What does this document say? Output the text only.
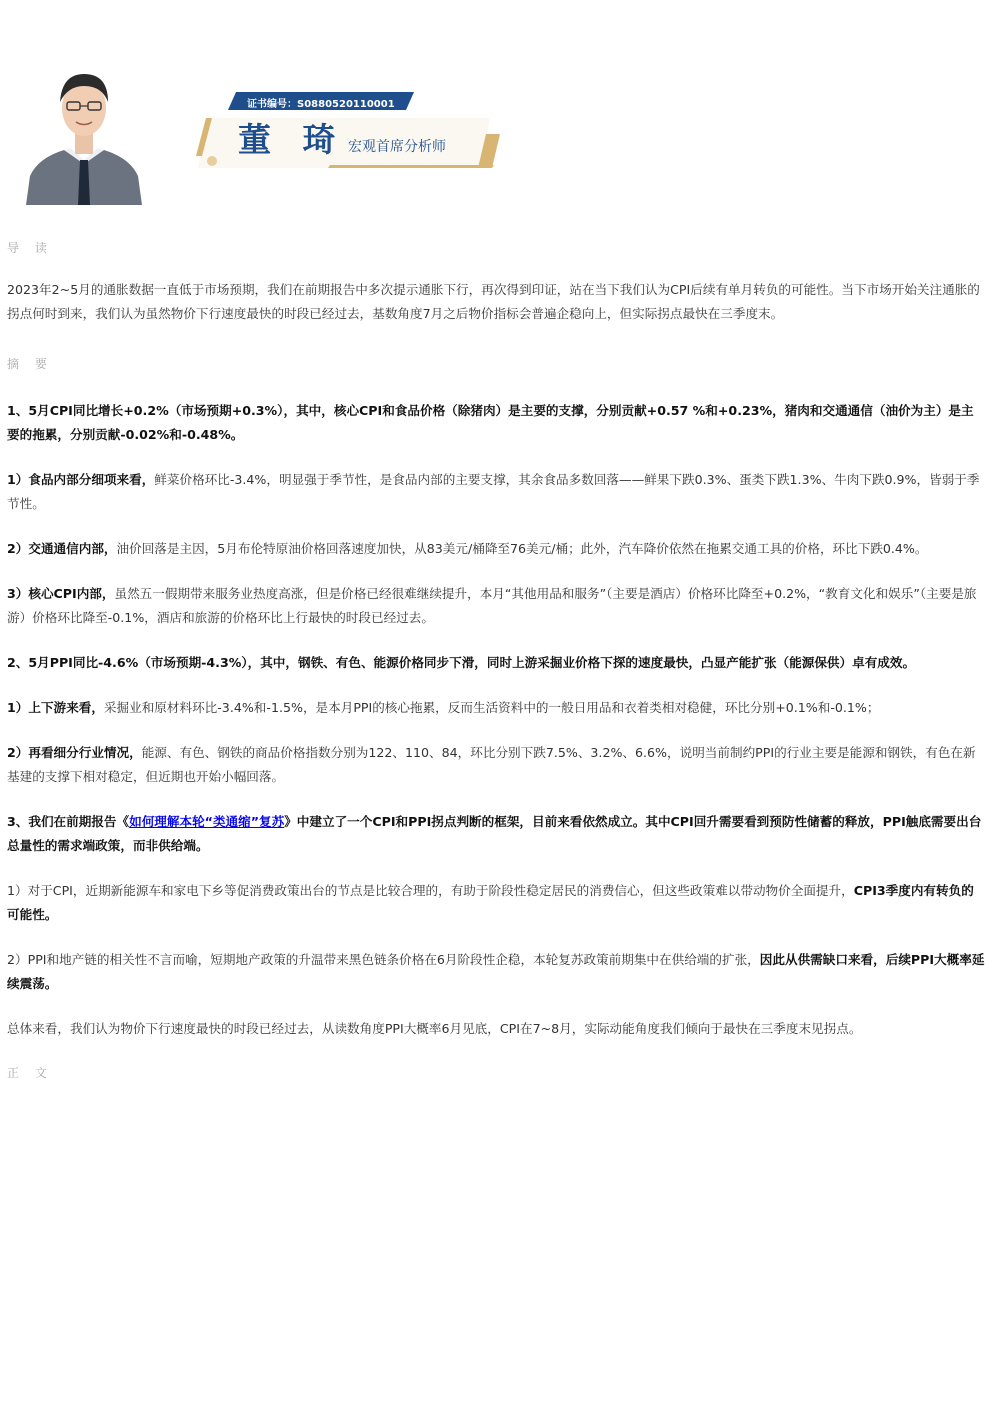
证书编号：S0880520110001
董 琦 宏观首席分析师
导 读

2023年2~5月的通胀数据一直低于市场预期，我们在前期报告中多次提示通胀下行，再次得到印证，站在当下我们认为CPI后续有单月转负的可能性。当下市场开始关注通胀的拐点何时到来，我们认为虽然物价下行速度最快的时段已经过去，基数角度7月之后物价指标会普遍企稳向上，但实际拐点最快在三季度末。

摘 要

1、5月CPI同比增长+0.2%（市场预期+0.3%），其中，核心CPI和食品价格（除猪肉）是主要的支撑，分别贡献+0.57 %和+0.23%，猪肉和交通通信（油价为主）是主要的拖累，分别贡献-0.02%和-0.48%。

1）食品内部分细项来看，鲜菜价格环比-3.4%，明显强于季节性，是食品内部的主要支撑，其余食品多数回落——鲜果下跌0.3%、蛋类下跌1.3%、牛肉下跌0.9%，皆弱于季节性。

2）交通通信内部，油价回落是主因，5月布伦特原油价格回落速度加快，从83美元/桶降至76美元/桶；此外，汽车降价依然在拖累交通工具的价格，环比下跌0.4%。

3）核心CPI内部，虽然五一假期带来服务业热度高涨，但是价格已经很难继续提升，本月“其他用品和服务”（主要是酒店）价格环比降至+0.2%，“教育文化和娱乐”（主要是旅游）价格环比降至-0.1%，酒店和旅游的价格环比上行最快的时段已经过去。

2、5月PPI同比-4.6%（市场预期-4.3%），其中，钢铁、有色、能源价格同步下滑，同时上游采掘业价格下探的速度最快，凸显产能扩张（能源保供）卓有成效。

1）上下游来看，采掘业和原材料环比-3.4%和-1.5%，是本月PPI的核心拖累，反而生活资料中的一般日用品和衣着类相对稳健，环比分别+0.1%和-0.1%；

2）再看细分行业情况，能源、有色、钢铁的商品价格指数分别为122、110、84，环比分别下跌7.5%、3.2%、6.6%，说明当前制约PPI的行业主要是能源和钢铁，有色在新基建的支撑下相对稳定，但近期也开始小幅回落。

3、我们在前期报告《如何理解本轮“类通缩”复苏》中建立了一个CPI和PPI拐点判断的框架，目前来看依然成立。其中CPI回升需要看到预防性储蓄的释放，PPI触底需要出台总量性的需求端政策，而非供给端。

1）对于CPI，近期新能源车和家电下乡等促消费政策出台的节点是比较合理的，有助于阶段性稳定居民的消费信心，但这些政策难以带动物价全面提升，CPI3季度内有转负的可能性。

2）PPI和地产链的相关性不言而喻，短期地产政策的升温带来黑色链条价格在6月阶段性企稳，本轮复苏政策前期集中在供给端的扩张，因此从供需缺口来看，后续PPI大概率延续震荡。

总体来看，我们认为物价下行速度最快的时段已经过去，从读数角度PPI大概率6月见底，CPI在7~8月，实际动能角度我们倾向于最快在三季度末见拐点。

正 文
